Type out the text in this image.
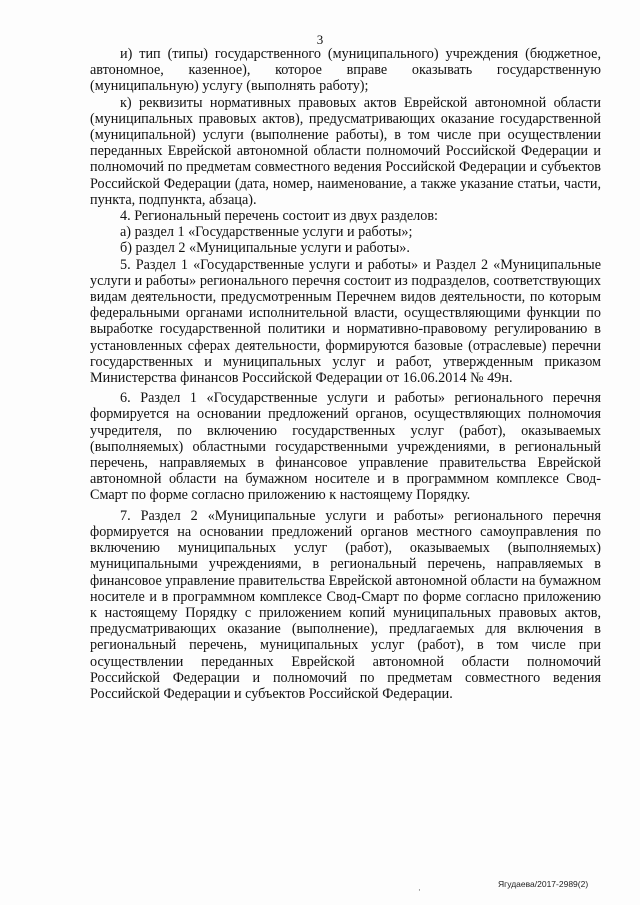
3

и) тип (типы) государственного (муниципального) учреждения (бюджетное, автономное, казенное), которое вправе оказывать государственную (муниципальную) услугу (выполнять работу);

к) реквизиты нормативных правовых актов Еврейской автономной области (муниципальных правовых актов), предусматривающих оказание государственной (муниципальной) услуги (выполнение работы), в том числе при осуществлении переданных Еврейской автономной области полномочий Российской Федерации и полномочий по предметам совместного ведения Российской Федерации и субъектов Российской Федерации (дата, номер, наименование, а также указание статьи, части, пункта, подпункта, абзаца).

4. Региональный перечень состоит из двух разделов:

а) раздел 1 «Государственные услуги и работы»;

б) раздел 2 «Муниципальные услуги и работы».

5. Раздел 1 «Государственные услуги и работы» и Раздел 2 «Муниципальные услуги и работы» регионального перечня состоит из подразделов, соответствующих видам деятельности, предусмотренным Перечнем видов деятельности, по которым федеральными органами исполнительной власти, осуществляющими функции по выработке государственной политики и нормативно-правовому регулированию в установленных сферах деятельности, формируются базовые (отраслевые) перечни государственных и муниципальных услуг и работ, утвержденным приказом Министерства финансов Российской Федерации от 16.06.2014 № 49н.

6. Раздел 1 «Государственные услуги и работы» регионального перечня формируется на основании предложений органов, осуществляющих полномочия учредителя, по включению государственных услуг (работ), оказываемых (выполняемых) областными государственными учреждениями, в региональный перечень, направляемых в финансовое управление правительства Еврейской автономной области на бумажном носителе и в программном комплексе Свод-Смарт по форме согласно приложению к настоящему Порядку.

7. Раздел 2 «Муниципальные услуги и работы» регионального перечня формируется на основании предложений органов местного самоуправления по включению муниципальных услуг (работ), оказываемых (выполняемых) муниципальными учреждениями, в региональный перечень, направляемых в финансовое управление правительства Еврейской автономной области на бумажном носителе и в программном комплексе Свод-Смарт по форме согласно приложению к настоящему Порядку с приложением копий муниципальных правовых актов, предусматривающих оказание (выполнение), предлагаемых для включения в региональный перечень, муниципальных услуг (работ), в том числе при осуществлении переданных Еврейской автономной области полномочий Российской Федерации и полномочий по предметам совместного ведения Российской Федерации и субъектов Российской Федерации.

Ягудаева/2017-2989(2)
·
